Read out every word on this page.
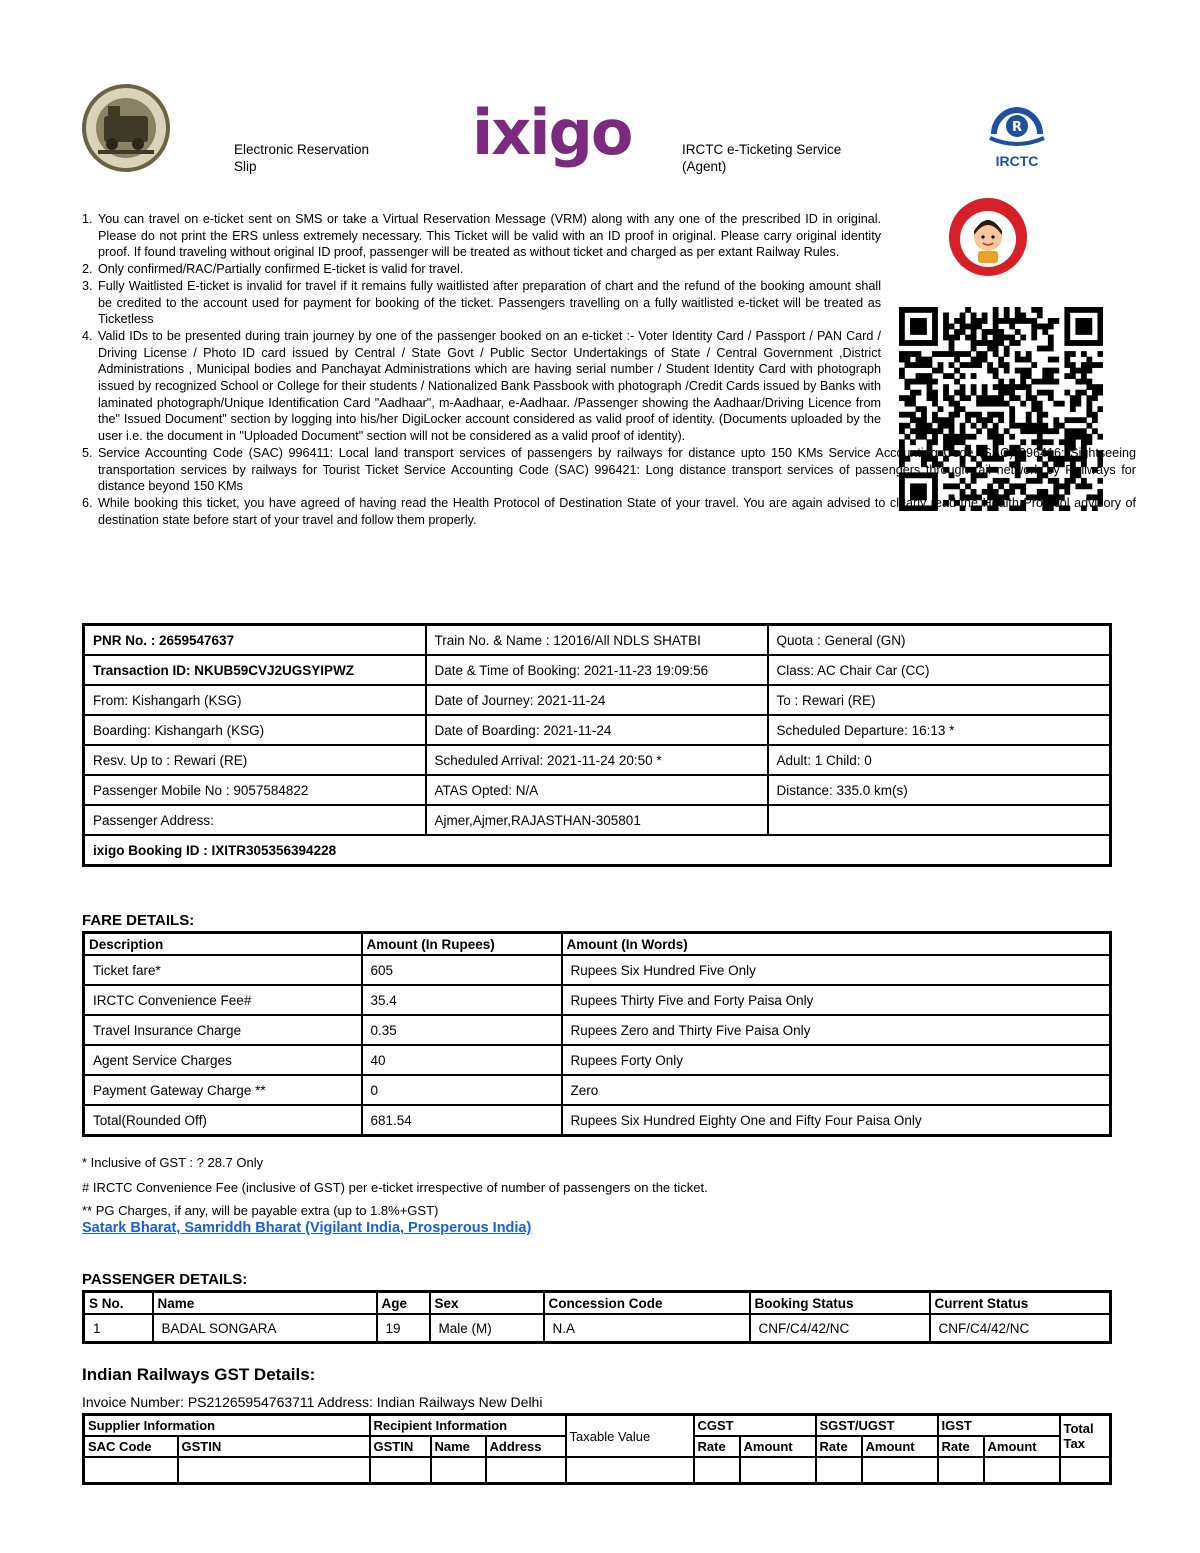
Electronic Reservation
Slip	ixigo	IRCTC e-Ticketing Service
(Agent)
R
IRCTC
1. You can travel on e-ticket sent on SMS or take a Virtual Reservation Message (VRM) along with any one of the prescribed ID in original. Please do not print the ERS unless extremely necessary. This Ticket will be valid with an ID proof in original. Please carry original identity proof. If found traveling without original ID proof, passenger will be treated as without ticket and charged as per extant Railway Rules.
2. Only confirmed/RAC/Partially confirmed E-ticket is valid for travel.
3. Fully Waitlisted E-ticket is invalid for travel if it remains fully waitlisted after preparation of chart and the refund of the booking amount shall be credited to the account used for payment for booking of the ticket. Passengers travelling on a fully waitlisted e-ticket will be treated as Ticketless
4. Valid IDs to be presented during train journey by one of the passenger booked on an e-ticket :- Voter Identity Card / Passport / PAN Card / Driving License / Photo ID card issued by Central / State Govt / Public Sector Undertakings of State / Central Government ,District Administrations , Municipal bodies and Panchayat Administrations which are having serial number / Student Identity Card with photograph issued by recognized School or College for their students / Nationalized Bank Passbook with photograph /Credit Cards issued by Banks with laminated photograph/Unique Identification Card "Aadhaar", m-Aadhaar, e-Aadhaar. /Passenger showing the Aadhaar/Driving Licence from the" Issued Document" section by logging into his/her DigiLocker account considered as valid proof of identity. (Documents uploaded by the user i.e. the document in "Uploaded Document" section will not be considered as a valid proof of identity).
5. Service Accounting Code (SAC) 996411: Local land transport services of passengers by railways for distance upto 150 KMs Service Accounting Code (SAC) 996416: Sightseeing transportation services by railways for Tourist Ticket Service Accounting Code (SAC) 996421: Long distance transport services of passengers through rail network by Railways for distance beyond 150 KMs
6. While booking this ticket, you have agreed of having read the Health Protocol of Destination State of your travel. You are again advised to clearly read the Health Protocol advisory of destination state before start of your travel and follow them properly.
PNR No. : 2659547637	Train No. & Name : 12016/All NDLS SHATBI	Quota : General (GN)
Transaction ID: NKUB59CVJ2UGSYIPWZ	Date & Time of Booking: 2021-11-23 19:09:56	Class: AC Chair Car (CC)
From: Kishangarh (KSG)	Date of Journey: 2021-11-24	To : Rewari (RE)
Boarding: Kishangarh (KSG)	Date of Boarding: 2021-11-24	Scheduled Departure: 16:13 *
Resv. Up to : Rewari (RE)	Scheduled Arrival: 2021-11-24 20:50 *	Adult: 1 Child: 0
Passenger Mobile No : 9057584822	ATAS Opted: N/A	Distance: 335.0 km(s)
Passenger Address:	Ajmer,Ajmer,RAJASTHAN-305801	
ixigo Booking ID : IXITR305356394228		
FARE DETAILS:
Description	Amount (In Rupees)	Amount (In Words)
Ticket fare*	605	Rupees Six Hundred Five Only
IRCTC Convenience Fee#	35.4	Rupees Thirty Five and Forty Paisa Only
Travel Insurance Charge	0.35	Rupees Zero and Thirty Five Paisa Only
Agent Service Charges	40	Rupees Forty Only
Payment Gateway Charge **	0	Zero
Total(Rounded Off)	681.54	Rupees Six Hundred Eighty One and Fifty Four Paisa Only
* Inclusive of GST : ? 28.7 Only
# IRCTC Convenience Fee (inclusive of GST) per e-ticket irrespective of number of passengers on the ticket.
** PG Charges, if any, will be payable extra (up to 1.8%+GST)
Satark Bharat, Samriddh Bharat (Vigilant India, Prosperous India)
PASSENGER DETAILS:
S No.	Name	Age	Sex	Concession Code	Booking Status	Current Status
1	BADAL SONGARA	19	Male (M)	N.A	CNF/C4/42/NC	CNF/C4/42/NC
Indian Railways GST Details:
Invoice Number: PS21265954763711 Address: Indian Railways New Delhi
Supplier Information		Recipient Information			Taxable Value	CGST		SGST/UGST		IGST		Total
Tax
SAC Code	GSTIN	GSTIN	Name	Address		Rate	Amount	Rate	Amount	Rate	Amount	
